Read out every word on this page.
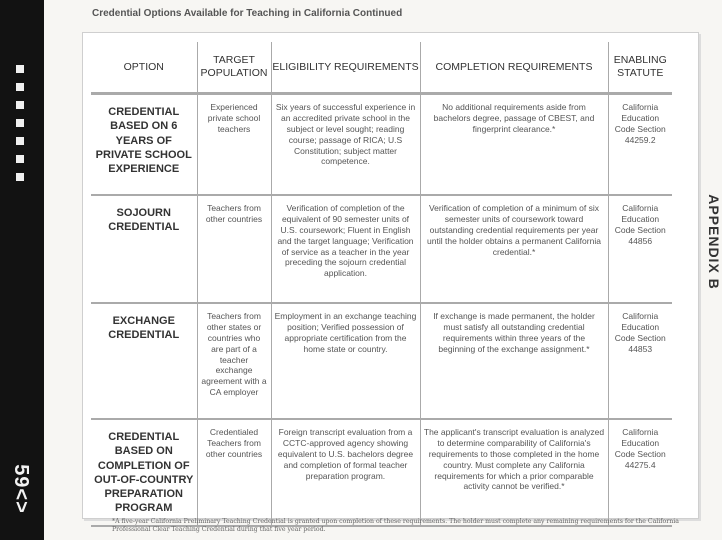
59<>
Credential Options Available for Teaching in California Continued
APPENDIX B
OPTION	TARGET POPULATION	ELIGIBILITY REQUIREMENTS	COMPLETION REQUIREMENTS	ENABLING STATUTE
CREDENTIAL BASED ON 6 YEARS OF PRIVATE SCHOOL EXPERIENCE	Experienced private school teachers	Six years of successful experience in an accredited private school in the subject or level sought; reading course; passage of RICA; U.S Constitution; subject matter competence.	No additional requirements aside from bachelors degree, passage of CBEST, and fingerprint clearance.*	California Education Code Section 44259.2
SOJOURN CREDENTIAL	Teachers from other countries	Verification of completion of the equivalent of 90 semester units of U.S. coursework; Fluent in English and the target language; Verification of service as a teacher in the year preceding the sojourn credential application.	Verification of completion of a minimum of six semester units of coursework toward outstanding credential requirements per year until the holder obtains a permanent California credential.*	California Education Code Section 44856
EXCHANGE CREDENTIAL	Teachers from other states or countries who are part of a teacher exchange agreement with a CA employer	Employment in an exchange teaching position; Verified possession of appropriate certification from the home state or country.	If exchange is made permanent, the holder must satisfy all outstanding credential requirements within three years of the beginning of the exchange assignment.*	California Education Code Section 44853
CREDENTIAL BASED ON COMPLETION OF OUT-OF-COUNTRY PREPARATION PROGRAM	Credentialed Teachers from other countries	Foreign transcript evaluation from a CCTC-approved agency showing equivalent to U.S. bachelors degree and completion of formal teacher preparation program.	The applicant's transcript evaluation is analyzed to determine comparability of California's requirements to those completed in the home country. Must complete any California requirements for which a prior comparable activity cannot be verified.*	California Education Code Section 44275.4
*A five-year California Preliminary Teaching Credential is granted upon completion of these requirements. The holder must complete any remaining requirements for the California Professional Clear Teaching Credential during that five year period.
